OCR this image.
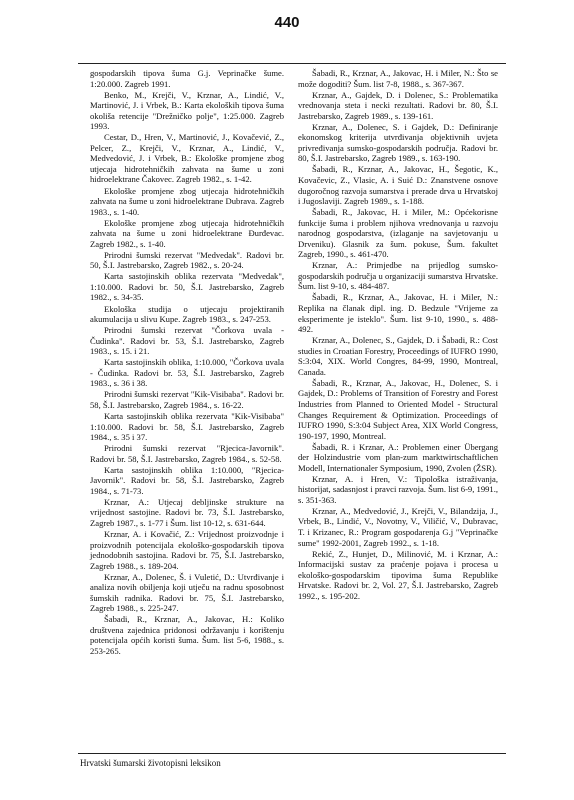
440

gospodarskih tipova šuma G.j. Veprinačke šume. 1:20.000. Zagreb 1991.

Benko, M., Krejči, V., Krznar, A., Lindić, V., Martinović, J. i Vrbek, B.: Karta ekoloških tipova šuma okoliša retencije "Drežničko polje", 1:25.000. Zagreb 1993.

Cestar, D., Hren, V., Martinović, J., Kovačević, Z., Pelcer, Z., Krejči, V., Krznar, A., Lindić, V., Medvedović, J. i Vrbek, B.: Ekološke promjene zbog utjecaja hidrotehničkih zahvata na šume u zoni hidroelektrane Čakovec. Zagreb 1982., s. 1-42.

Ekološke promjene zbog utjecaja hidrotehničkih zahvata na šume u zoni hidroelektrane Dubrava. Zagreb 1983., s. 1-40.

Ekološke promjene zbog utjecaja hidrotehničkih zahvata na šume u zoni hidroelektrane Đurđevac. Zagreb 1982., s. 1-40.

Prirodni šumski rezervat "Medvedak". Radovi br. 50, Š.I. Jastrebarsko, Zagreb 1982., s. 20-24.

Karta sastojinskih oblika rezervata "Medvedak", 1:10.000. Radovi br. 50, Š.I. Jastrebarsko, Zagreb 1982., s. 34-35.

Ekološka studija o utjecaju projektiranih akumulacija u slivu Kupe. Zagreb 1983., s. 247-253.

Prirodni šumski rezervat "Čorkova uvala - Čudinka". Radovi br. 53, Š.I. Jastrebarsko, Zagreb 1983., s. 15. i 21.

Karta sastojinskih oblika, 1:10.000, "Čorkova uvala - Čudinka. Radovi br. 53, Š.I. Jastrebarsko, Zagreb 1983., s. 36 i 38.

Prirodni šumski rezervat "Kik-Visibaba". Radovi br. 58, Š.I. Jastrebarsko, Zagreb 1984., s. 16-22.

Karta sastojinskih oblika rezervata "Kik-Visibaba" 1:10.000. Radovi br. 58, Š.I. Jastrebarsko, Zagreb 1984., s. 35 i 37.

Prirodni šumski rezervat "Rjecica-Javornik". Radovi br. 58, Š.I. Jastrebarsko, Zagreb 1984., s. 52-58.

Karta sastojinskih oblika 1:10.000, "Rjecica-Javornik". Radovi br. 58, Š.I. Jastrebarsko, Zagreb 1984., s. 71-73.

Krznar, A.: Utjecaj debljinske strukture na vrijednost sastojine. Radovi br. 73, Š.I. Jastrebarsko, Zagreb 1987., s. 1-77 i Šum. list 10-12, s. 631-644.

Krznar, A. i Kovačić, Z.: Vrijednost proizvodnje i proizvodnih potencijala ekološko-gospodarskih tipova jednodobnih sastojina. Radovi br. 75, Š.I. Jastrebarsko, Zagreb 1988., s. 189-204.

Krznar, A., Dolenec, Š. i Vuletić, D.: Utvrđivanje i analiza novih obiljenja koji utječu na radnu sposobnost šumskih radnika. Radovi br. 75, Š.I. Jastrebarsko, Zagreb 1988., s. 225-247.

Šabadi, R., Krznar, A., Jakovac, H.: Koliko društvena zajednica pridonosi održavanju i korištenju potencijala općih koristi šuma. Šum. list 5-6, 1988., s. 253-265.

Šabadi, R., Krznar, A., Jakovac, H. i Miler, N.: Što se može dogoditi? Šum. list 7-8, 1988., s. 367-367.

Krznar, A., Gajdek, D. i Dolenec, S.: Problematika vrednovanja steta i necki rezultati. Radovi br. 80, Š.I. Jastrebarsko, Zagreb 1989., s. 139-161.

Krznar, A., Dolenec, S. i Gajdek, D.: Definiranje ekonomskog kriterija utvrđivanja objektivnih uvjeta privređivanja sumsko-gospodarskih područja. Radovi br. 80, Š.I. Jastrebarsko, Zagreb 1989., s. 163-190.

Šabadi, R., Krznar, A., Jakovac, H., Šegotic, K., Kovačevic, Z., Vlasic, A. i Suić D.: Znanstvene osnove dugoročnog razvoja sumarstva i prerade drva u Hrvatskoj i Jugoslaviji. Zagreb 1989., s. 1-188.

Šabadi, R., Jakovac, H. i Miler, M.: Općekorisne funkcije šuma i problem njihova vrednovanja u razvoju narodnog gospodarstva, (izlaganje na savjetovanju u Drveniku). Glasnik za šum. pokuse, Šum. fakultet Zagreb, 1990., s. 461-470.

Krznar, A.: Primjedbe na prijedlog sumsko-gospodarskih područja u organizaciji sumarstva Hrvatske. Šum. list 9-10, s. 484-487.

Šabadi, R., Krznar, A., Jakovac, H. i Miler, N.: Replika na članak dipl. ing. D. Bedzule "Vrijeme za eksperimente je isteklo". Šum. list 9-10, 1990., s. 488-492.

Krznar, A., Dolenec, S., Gajdek, D. i Šabadi, R.: Cost studies in Croatian Forestry, Proceedings of IUFRO 1990, S:3:04, XIX. World Congres, 84-99, 1990, Montreal, Canada.

Šabadi, R., Krznar, A., Jakovac, H., Dolenec, S. i Gajdek, D.: Problems of Transition of Forestry and Forest Industries from Planned to Oriented Model - Structural Changes Requirement & Optimization. Proceedings of IUFRO 1990, S:3:04 Subject Area, XIX World Congress, 190-197, 1990, Montreal.

Šabadi, R. i Krznar, A.: Problemen einer Übergang der Holzindustrie vom plan-zum marktwirtschaftlichen Modell, Internationaler Symposium, 1990, Zvolen (ŽSR).

Krznar, A. i Hren, V.: Tipološka istraživanja, historijat, sadasnjost i pravci razvoja. Šum. list 6-9, 1991., s. 351-363.

Krznar, A., Medvedović, J., Krejči, V., Bilandzija, J., Vrbek, B., Lindić, V., Novotny, V., Viličić, V., Dubravac, T. i Krizanec, R.: Program gospodarenja G.j "Veprinačke sume" 1992-2001, Zagreb 1992., s. 1-18.

Rekić, Z., Hunjet, D., Milinović, M. i Krznar, A.: Informacijski sustav za praćenje pojava i procesa u ekološko-gospodarskim tipovima šuma Republike Hrvatske. Radovi br. 2, Vol. 27, Š.I. Jastrebarsko, Zagreb 1992., s. 195-202.

Hrvatski šumarski životopisni leksikon
